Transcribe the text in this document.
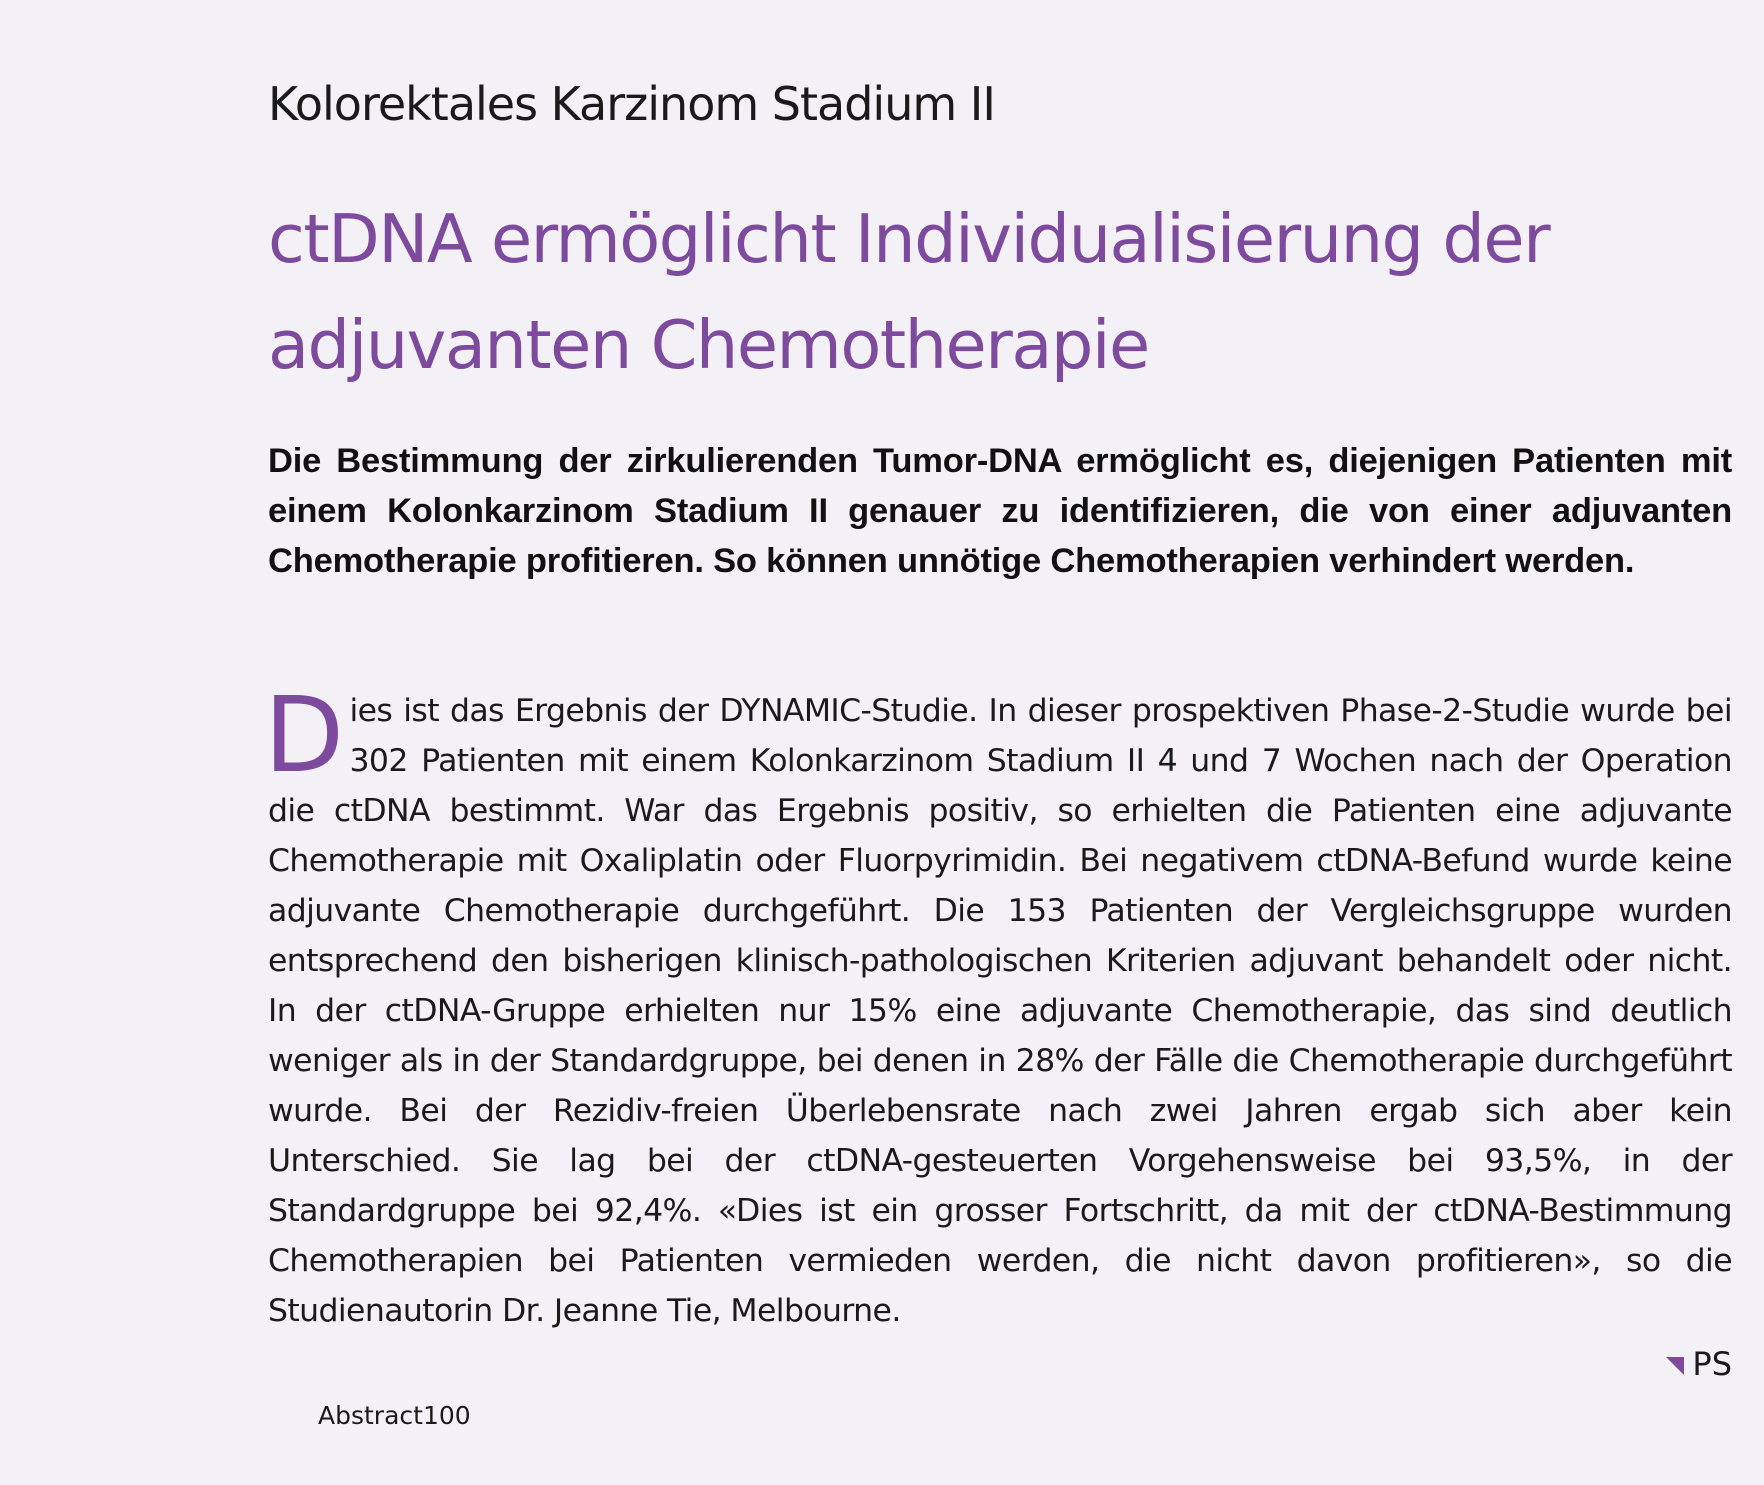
Kolorektales Karzinom Stadium II
ctDNA ermöglicht Individualisierung der adjuvanten Chemotherapie

Die Bestimmung der zirkulierenden Tumor-DNA ermöglicht es, diejenigen Patienten mit einem Kolonkarzinom Stadium II genauer zu identifizieren, die von einer adjuvanten Chemotherapie profitieren. So können unnötige Chemotherapien verhindert werden.

Dies ist das Ergebnis der DYNAMIC-Studie. In dieser prospektiven Phase-2-Studie wurde bei 302 Patienten mit einem Kolonkarzinom Stadium II 4 und 7 Wochen nach der Operation die ctDNA bestimmt. War das Ergebnis positiv, so erhielten die Patienten eine adjuvante Chemotherapie mit Oxaliplatin oder Fluorpyrimidin. Bei negativem ctDNA-Befund wurde keine adjuvante Chemotherapie durchgeführt. Die 153 Patienten der Vergleichsgruppe wurden entsprechend den bisherigen klinisch-pathologischen Kriterien adjuvant behandelt oder nicht. In der ctDNA-Gruppe erhielten nur 15% eine adjuvante Chemotherapie, das sind deutlich weniger als in der Standardgruppe, bei denen in 28% der Fälle die Chemotherapie durchgeführt wurde. Bei der Rezidiv-freien Überlebensrate nach zwei Jahren ergab sich aber kein Unterschied. Sie lag bei der ctDNA-gesteuerten Vorgehensweise bei 93,5%, in der Standardgruppe bei 92,4%. «Dies ist ein grosser Fortschritt, da mit der ctDNA-Bestimmung Chemotherapien bei Patienten vermieden werden, die nicht davon profitieren», so die Studienautorin Dr. Jeanne Tie, Melbourne.
PS
Abstract100
